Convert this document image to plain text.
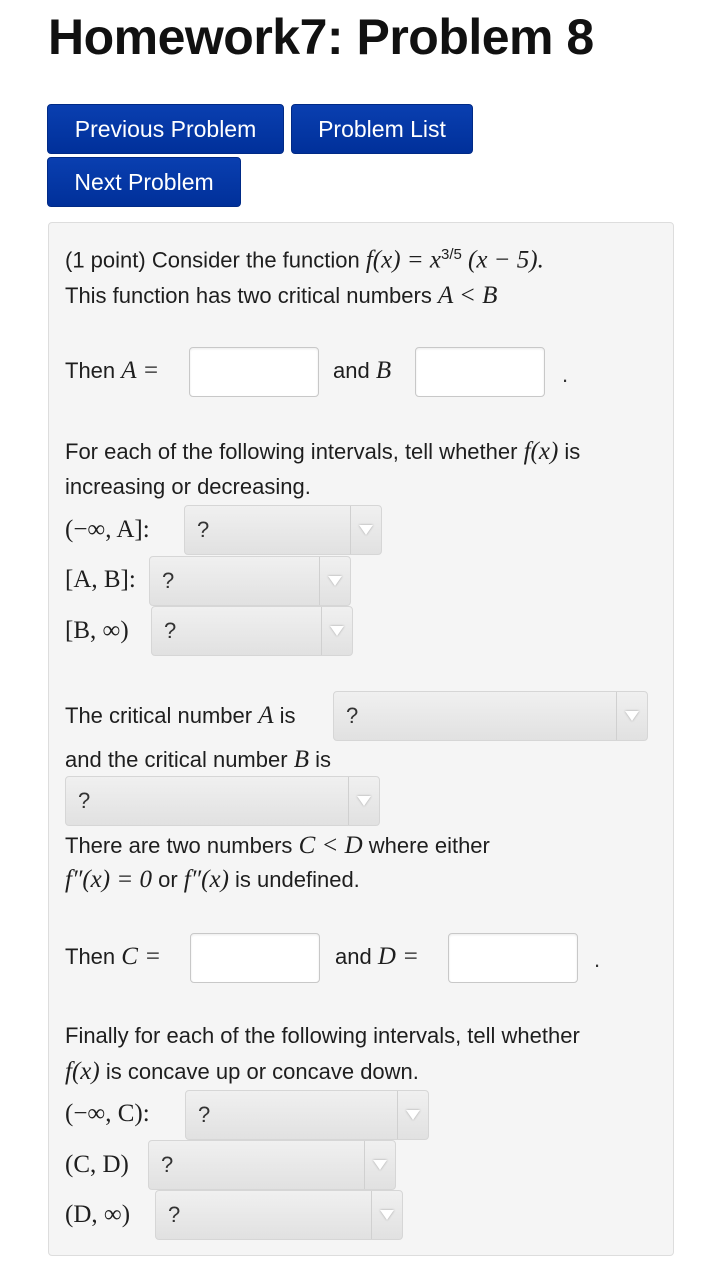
Homework7: Problem 8
Previous Problem	Problem List
Next Problem
(1 point) Consider the function $f(x) = x^{3/5}$ (x − 5).
This function has two critical numbers A < B
Then A =	and B	.
For each of the following intervals, tell whether f(x) is
increasing or decreasing.
(−∞, A]: ?
[A, B]: ?
[B, ∞) ?
The critical number A is ?
and the critical number B is
?
There are two numbers C < D where either
f″(x) = 0 or f″(x) is undefined.
Then C =	and D =	.
Finally for each of the following intervals, tell whether
f(x) is concave up or concave down.
(−∞, C): ?
(C, D) ?
(D, ∞) ?
